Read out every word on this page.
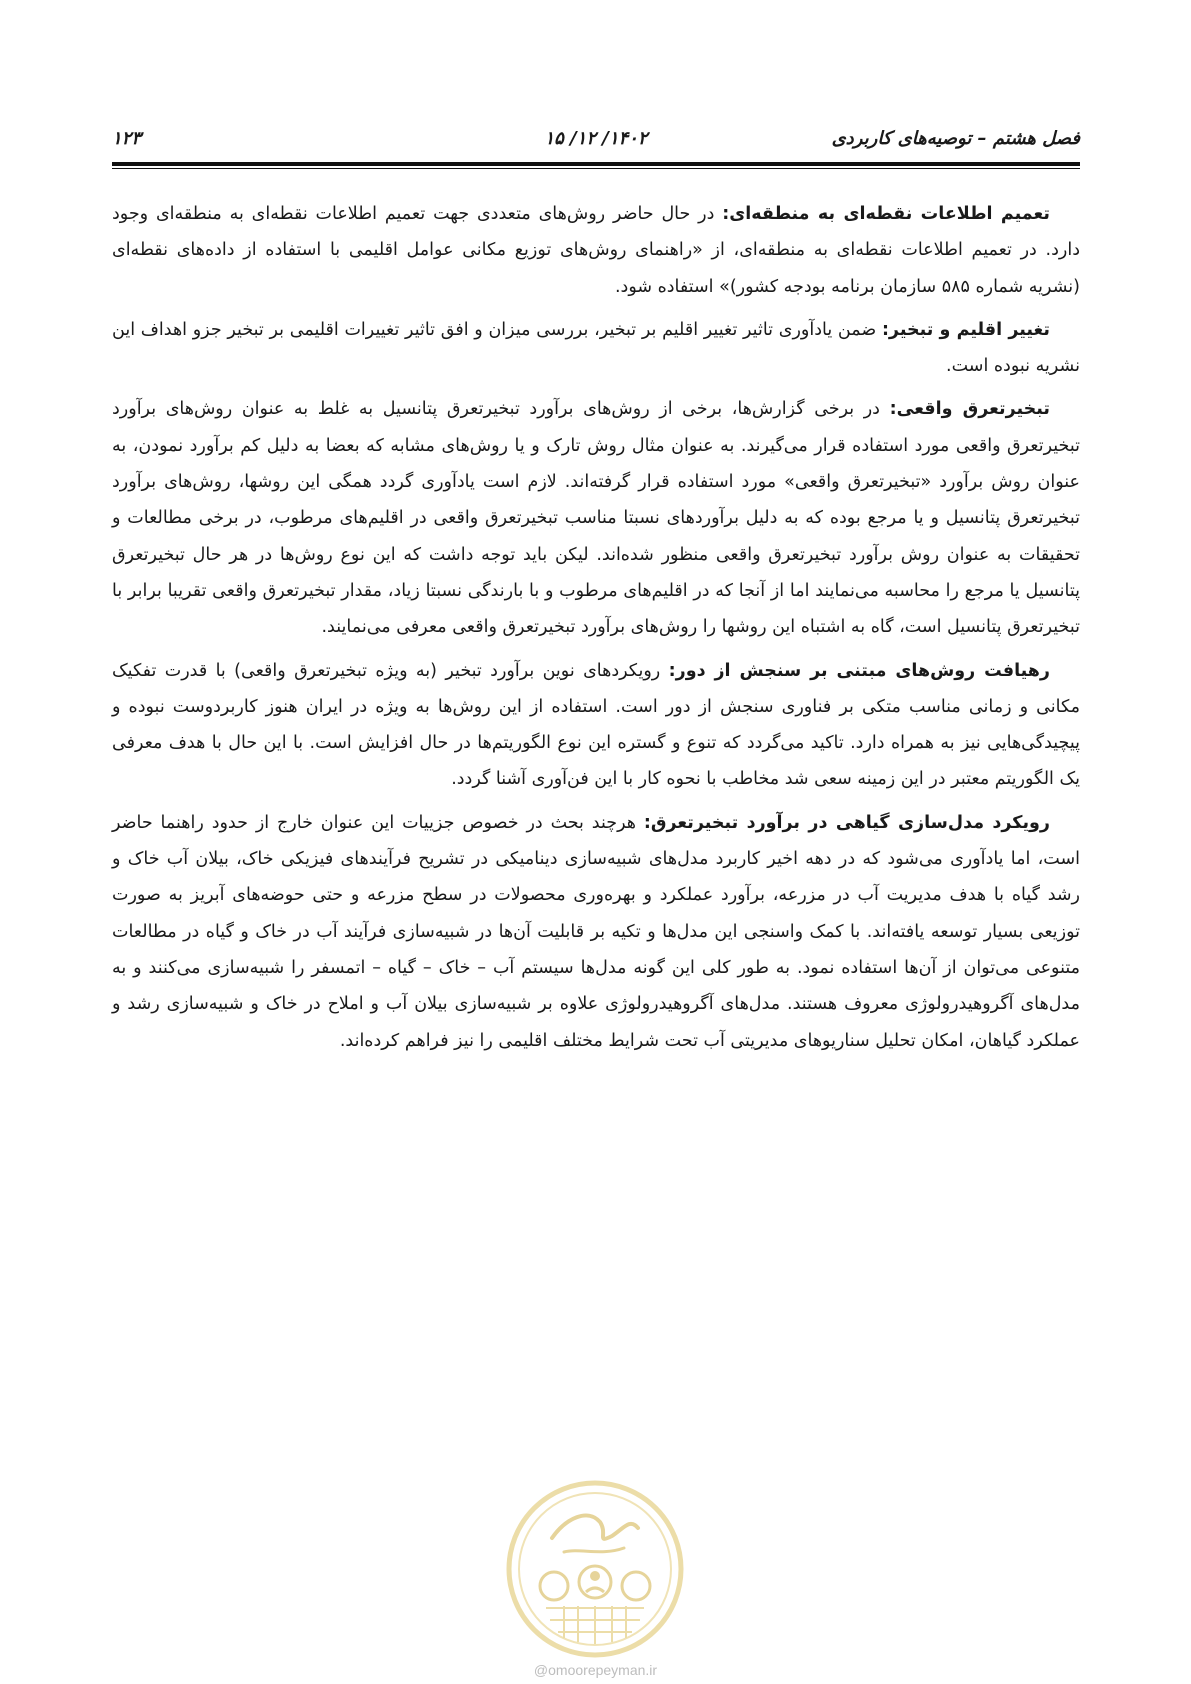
فصل هشتم – توصیه‌های کاربردی
۱۴۰۲/ ۱۲/ ۱۵
۱۲۳

تعمیم اطلاعات نقطه‌ای به منطقه‌ای: در حال حاضر روش‌های متعددی جهت تعمیم اطلاعات نقطه‌ای به منطقه‌ای وجود دارد. در تعمیم اطلاعات نقطه‌ای به منطقه‌ای، از «راهنمای روش‌های توزیع مکانی عوامل اقلیمی با استفاده از داده‌های نقطه‌ای (نشریه شماره ۵۸۵ سازمان برنامه بودجه کشور)» استفاده شود.

تغییر اقلیم و تبخیر: ضمن یادآوری تاثیر تغییر اقلیم بر تبخیر، بررسی میزان و افق تاثیر تغییرات اقلیمی بر تبخیر جزو اهداف این نشریه نبوده است.

تبخیرتعرق واقعی: در برخی گزارش‌ها، برخی از روش‌های برآورد تبخیرتعرق پتانسیل به غلط به عنوان روش‌های برآورد تبخیرتعرق واقعی مورد استفاده قرار می‌گیرند. به عنوان مثال روش تارک و یا روش‌های مشابه که بعضا به دلیل کم برآورد نمودن، به عنوان روش برآورد «تبخیرتعرق واقعی» مورد استفاده قرار گرفته‌اند. لازم است یادآوری گردد همگی این روشها، روش‌های برآورد تبخیرتعرق پتانسیل و یا مرجع بوده که به دلیل برآوردهای نسبتا مناسب تبخیرتعرق واقعی در اقلیم‌های مرطوب، در برخی مطالعات و تحقیقات به عنوان روش برآورد تبخیرتعرق واقعی منظور شده‌اند. لیکن باید توجه داشت که این نوع روش‌ها در هر حال تبخیرتعرق پتانسیل یا مرجع را محاسبه می‌نمایند اما از آنجا که در اقلیم‌های مرطوب و با بارندگی نسبتا زیاد، مقدار تبخیرتعرق واقعی تقریبا برابر با تبخیرتعرق پتانسیل است، گاه به اشتباه این روشها را روش‌های برآورد تبخیرتعرق واقعی معرفی می‌نمایند.

رهیافت روش‌های مبتنی بر سنجش از دور: رویکردهای نوین برآورد تبخیر (به ویژه تبخیرتعرق واقعی) با قدرت تفکیک مکانی و زمانی مناسب متکی بر فناوری سنجش از دور است. استفاده از این روش‌ها به ویژه در ایران هنوز کاربردوست نبوده و پیچیدگی‌هایی نیز به همراه دارد. تاکید می‌گردد که تنوع و گستره این نوع الگوریتم‌ها در حال افزایش است. با این حال با هدف معرفی یک الگوریتم معتبر در این زمینه سعی شد مخاطب با نحوه کار با این فن‌آوری آشنا گردد.

رویکرد مدل‌سازی گیاهی در برآورد تبخیرتعرق: هرچند بحث در خصوص جزییات این عنوان خارج از حدود راهنما حاضر است، اما یادآوری می‌شود که در دهه اخیر کاربرد مدل‌های شبیه‌سازی دینامیکی در تشریح فرآیندهای فیزیکی خاک، بیلان آب خاک و رشد گیاه با هدف مدیریت آب در مزرعه، برآورد عملکرد و بهره‌وری محصولات در سطح مزرعه و حتی حوضه‌های آبریز به صورت توزیعی بسیار توسعه یافته‌اند. با کمک واسنجی این مدل‌ها و تکیه بر قابلیت آن‌ها در شبیه‌سازی فرآیند آب در خاک و گیاه در مطالعات متنوعی می‌توان از آن‌ها استفاده نمود. به طور کلی این گونه مدل‌ها سیستم آب – خاک – گیاه – اتمسفر را شبیه‌سازی می‌کنند و به مدل‌های آگروهیدرولوژی معروف هستند. مدل‌های آگروهیدرولوژی علاوه بر شبیه‌سازی بیلان آب و املاح در خاک و شبیه‌سازی رشد و عملکرد گیاهان، امکان تحلیل سناریوهای مدیریتی آب تحت شرایط مختلف اقلیمی را نیز فراهم کرده‌اند.

@omoorepeyman.ir
